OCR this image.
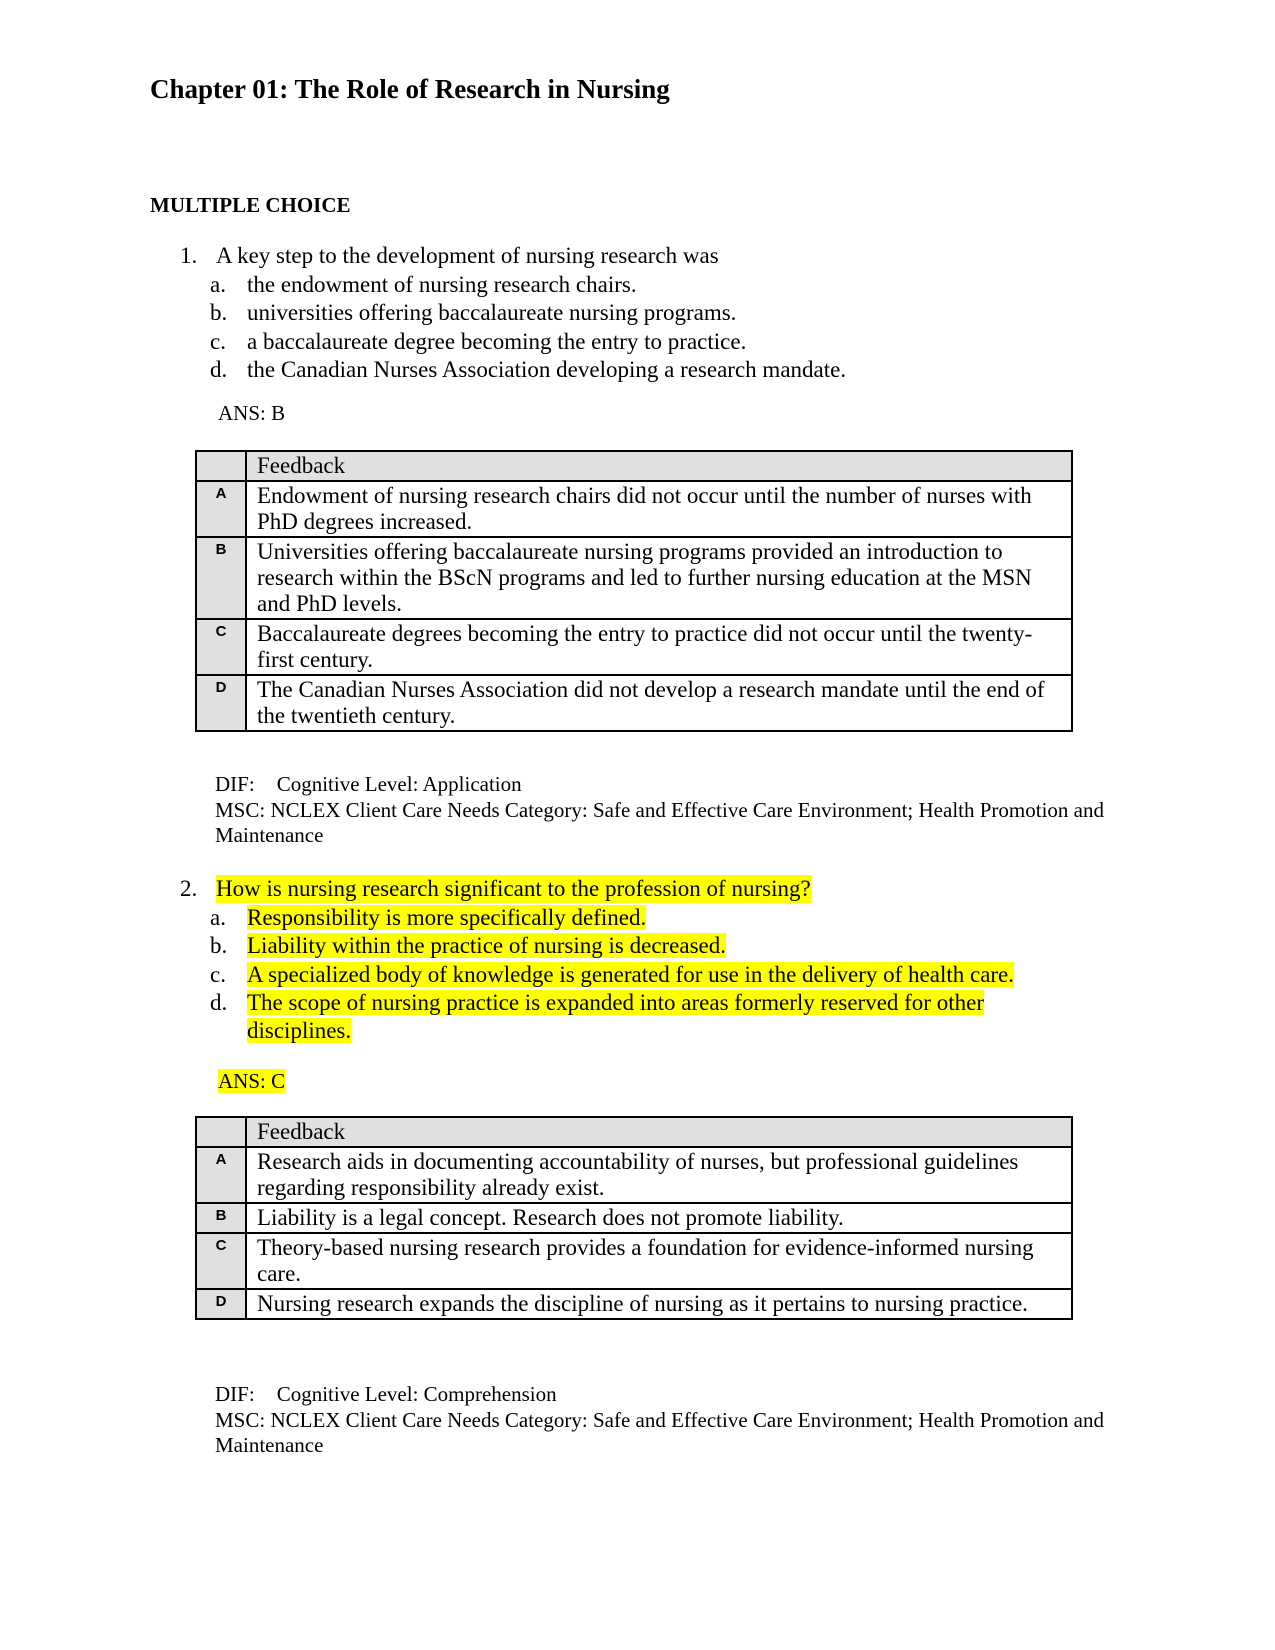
Chapter 01: The Role of Research in Nursing
MULTIPLE CHOICE
1. A key step to the development of nursing research was
a. the endowment of nursing research chairs.
b. universities offering baccalaureate nursing programs.
c. a baccalaureate degree becoming the entry to practice.
d. the Canadian Nurses Association developing a research mandate.
ANS: B
	Feedback
A	Endowment of nursing research chairs did not occur until the number of nurses with PhD degrees increased.
B	Universities offering baccalaureate nursing programs provided an introduction to research within the BScN programs and led to further nursing education at the MSN and PhD levels.
C	Baccalaureate degrees becoming the entry to practice did not occur until the twenty-first century.
D	The Canadian Nurses Association did not develop a research mandate until the end of the twentieth century.
DIF: Cognitive Level: Application
MSC: NCLEX Client Care Needs Category: Safe and Effective Care Environment; Health Promotion and Maintenance
2. How is nursing research significant to the profession of nursing?
a. Responsibility is more specifically defined.
b. Liability within the practice of nursing is decreased.
c. A specialized body of knowledge is generated for use in the delivery of health care.
d. The scope of nursing practice is expanded into areas formerly reserved for other disciplines.
ANS: C
	Feedback
A	Research aids in documenting accountability of nurses, but professional guidelines regarding responsibility already exist.
B	Liability is a legal concept. Research does not promote liability.
C	Theory-based nursing research provides a foundation for evidence-informed nursing care.
D	Nursing research expands the discipline of nursing as it pertains to nursing practice.
DIF: Cognitive Level: Comprehension
MSC: NCLEX Client Care Needs Category: Safe and Effective Care Environment; Health Promotion and Maintenance
